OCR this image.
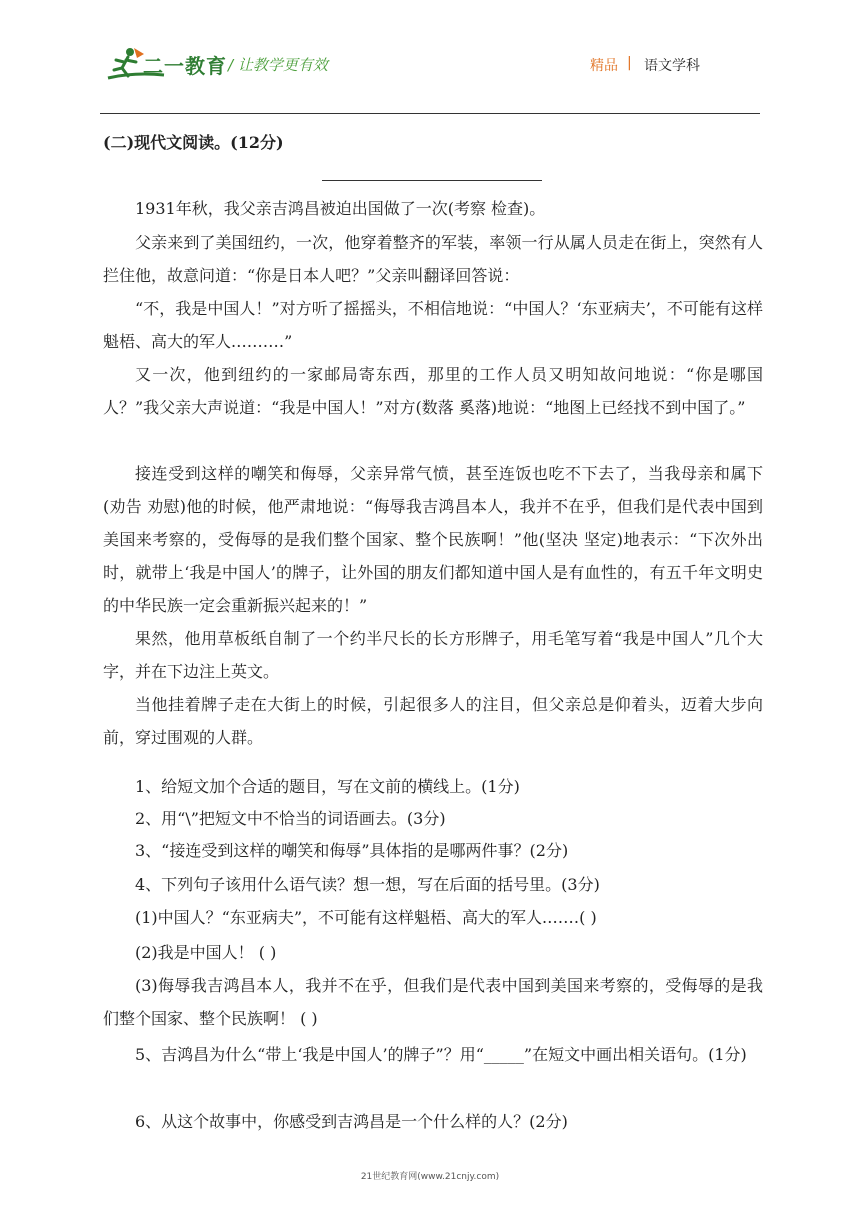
二一教育 / 让教学更有效	精品 | 语文学科
(二)现代文阅读。(12分)

1931年秋，我父亲吉鸿昌被迫出国做了一次(考察 检查)。

父亲来到了美国纽约，一次，他穿着整齐的军装，率领一行从属人员走在街上，突然有人拦住他，故意问道：“你是日本人吧？”父亲叫翻译回答说：

“不，我是中国人！”对方听了摇摇头，不相信地说：“中国人？‘东亚病夫’，不可能有这样魁梧、高大的军人.………”

又一次，他到纽约的一家邮局寄东西，那里的工作人员又明知故问地说：“你是哪国人？”我父亲大声说道：“我是中国人！”对方(数落 奚落)地说：“地图上已经找不到中国了。”

接连受到这样的嘲笑和侮辱，父亲异常气愤，甚至连饭也吃不下去了，当我母亲和属下(劝告 劝慰)他的时候，他严肃地说：“侮辱我吉鸿昌本人，我并不在乎，但我们是代表中国到美国来考察的，受侮辱的是我们整个国家、整个民族啊！”他(坚决 坚定)地表示：“下次外出时，就带上‘我是中国人’的牌子，让外国的朋友们都知道中国人是有血性的，有五千年文明史的中华民族一定会重新振兴起来的！”

果然，他用草板纸自制了一个约半尺长的长方形牌子，用毛笔写着“我是中国人”几个大字，并在下边注上英文。

当他挂着牌子走在大街上的时候，引起很多人的注目，但父亲总是仰着头，迈着大步向前，穿过围观的人群。

1、给短文加个合适的题目，写在文前的横线上。(1分)

2、用“\”把短文中不恰当的词语画去。(3分)

3、“接连受到这样的嘲笑和侮辱”具体指的是哪两件事？(2分)

4、下列句子该用什么语气读？想一想，写在后面的括号里。(3分)

(1)中国人？“东亚病夫”，不可能有这样魁梧、高大的军人.……( )

(2)我是中国人！ ( )

(3)侮辱我吉鸿昌本人，我并不在乎，但我们是代表中国到美国来考察的，受侮辱的是我们整个国家、整个民族啊！ ( )

5、吉鸿昌为什么“带上‘我是中国人’的牌子”？用“_____”在短文中画出相关语句。(1分)

6、从这个故事中，你感受到吉鸿昌是一个什么样的人？(2分)

21世纪教育网(www.21cnjy.com)
